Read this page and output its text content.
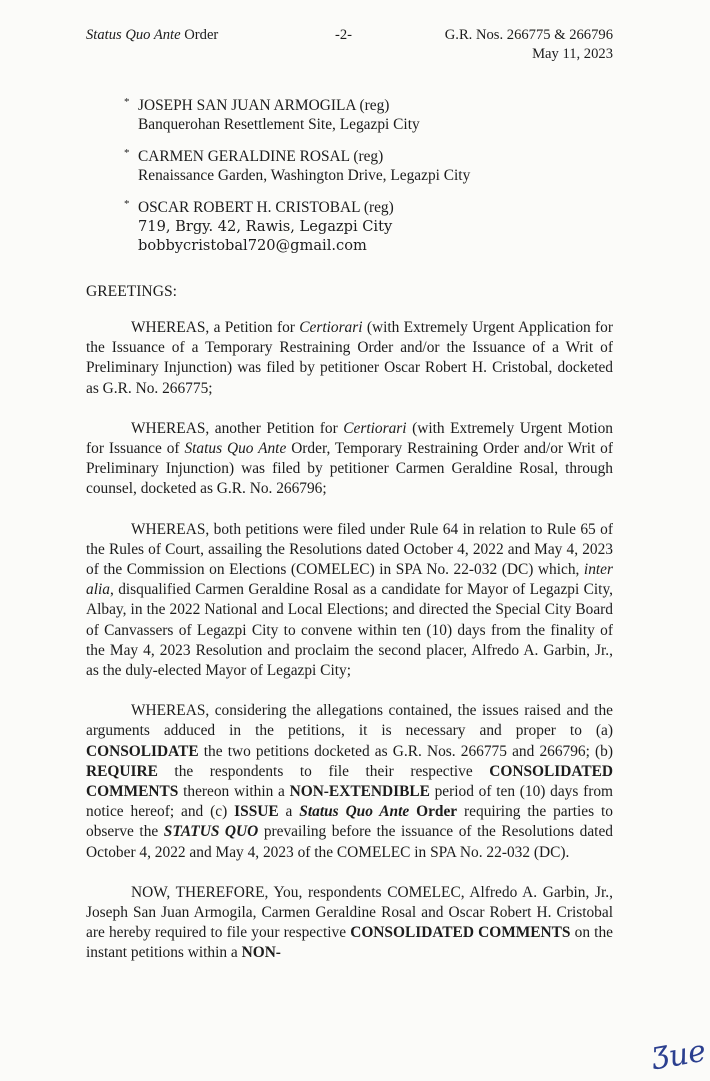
Status Quo Ante Order	-2-	G.R. Nos. 266775 & 266796
May 11, 2023
* JOSEPH SAN JUAN ARMOGILA (reg)
Banquerohan Resettlement Site, Legazpi City
* CARMEN GERALDINE ROSAL (reg)
Renaissance Garden, Washington Drive, Legazpi City
* OSCAR ROBERT H. CRISTOBAL (reg)
719, Brgy. 42, Rawis, Legazpi City
bobbycristobal720@gmail.com
GREETINGS:

WHEREAS, a Petition for Certiorari (with Extremely Urgent Application for the Issuance of a Temporary Restraining Order and/or the Issuance of a Writ of Preliminary Injunction) was filed by petitioner Oscar Robert H. Cristobal, docketed as G.R. No. 266775;

WHEREAS, another Petition for Certiorari (with Extremely Urgent Motion for Issuance of Status Quo Ante Order, Temporary Restraining Order and/or Writ of Preliminary Injunction) was filed by petitioner Carmen Geraldine Rosal, through counsel, docketed as G.R. No. 266796;

WHEREAS, both petitions were filed under Rule 64 in relation to Rule 65 of the Rules of Court, assailing the Resolutions dated October 4, 2022 and May 4, 2023 of the Commission on Elections (COMELEC) in SPA No. 22-032 (DC) which, inter alia, disqualified Carmen Geraldine Rosal as a candidate for Mayor of Legazpi City, Albay, in the 2022 National and Local Elections; and directed the Special City Board of Canvassers of Legazpi City to convene within ten (10) days from the finality of the May 4, 2023 Resolution and proclaim the second placer, Alfredo A. Garbin, Jr., as the duly-elected Mayor of Legazpi City;

WHEREAS, considering the allegations contained, the issues raised and the arguments adduced in the petitions, it is necessary and proper to (a) CONSOLIDATE the two petitions docketed as G.R. Nos. 266775 and 266796; (b) REQUIRE the respondents to file their respective CONSOLIDATED COMMENTS thereon within a NON-EXTENDIBLE period of ten (10) days from notice hereof; and (c) ISSUE a Status Quo Ante Order requiring the parties to observe the STATUS QUO prevailing before the issuance of the Resolutions dated October 4, 2022 and May 4, 2023 of the COMELEC in SPA No. 22-032 (DC).

NOW, THEREFORE, You, respondents COMELEC, Alfredo A. Garbin, Jr., Joseph San Juan Armogila, Carmen Geraldine Rosal and Oscar Robert H. Cristobal are hereby required to file your respective CONSOLIDATED COMMENTS on the instant petitions within a NON-

Ʒue
